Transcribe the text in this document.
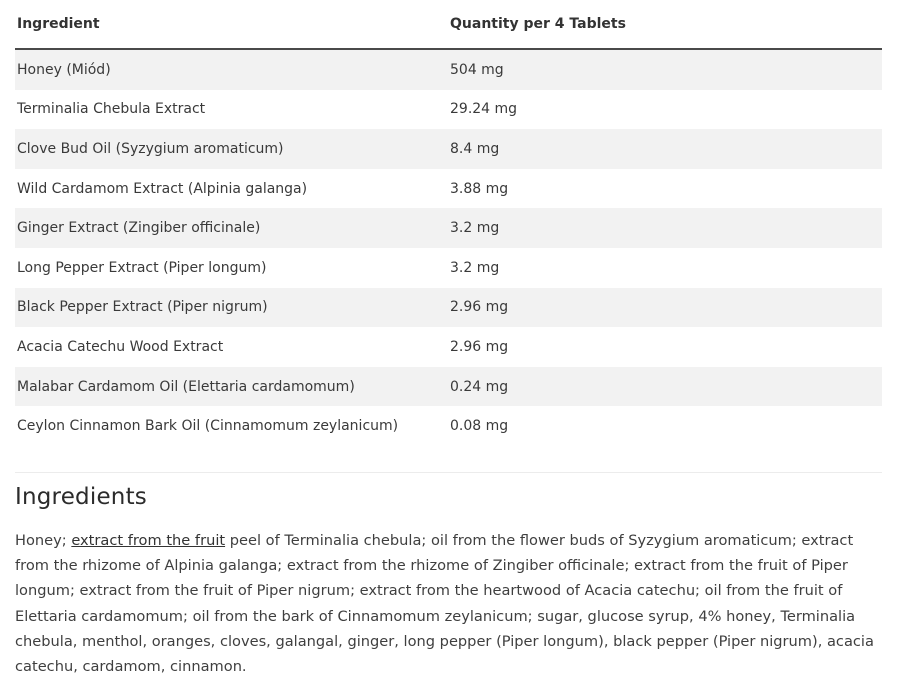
Ingredient	Quantity per 4 Tablets
Honey (Miód)	504 mg
Terminalia Chebula Extract	29.24 mg
Clove Bud Oil (Syzygium aromaticum)	8.4 mg
Wild Cardamom Extract (Alpinia galanga)	3.88 mg
Ginger Extract (Zingiber officinale)	3.2 mg
Long Pepper Extract (Piper longum)	3.2 mg
Black Pepper Extract (Piper nigrum)	2.96 mg
Acacia Catechu Wood Extract	2.96 mg
Malabar Cardamom Oil (Elettaria cardamomum)	0.24 mg
Ceylon Cinnamon Bark Oil (Cinnamomum zeylanicum)	0.08 mg
Ingredients

Honey; extract from the fruit peel of Terminalia chebula; oil from the flower buds of Syzygium aromaticum; extract from the rhizome of Alpinia galanga; extract from the rhizome of Zingiber officinale; extract from the fruit of Piper longum; extract from the fruit of Piper nigrum; extract from the heartwood of Acacia catechu; oil from the fruit of Elettaria cardamomum; oil from the bark of Cinnamomum zeylanicum; sugar, glucose syrup, 4% honey, Terminalia chebula, menthol, oranges, cloves, galangal, ginger, long pepper (Piper longum), black pepper (Piper nigrum), acacia catechu, cardamom, cinnamon.
